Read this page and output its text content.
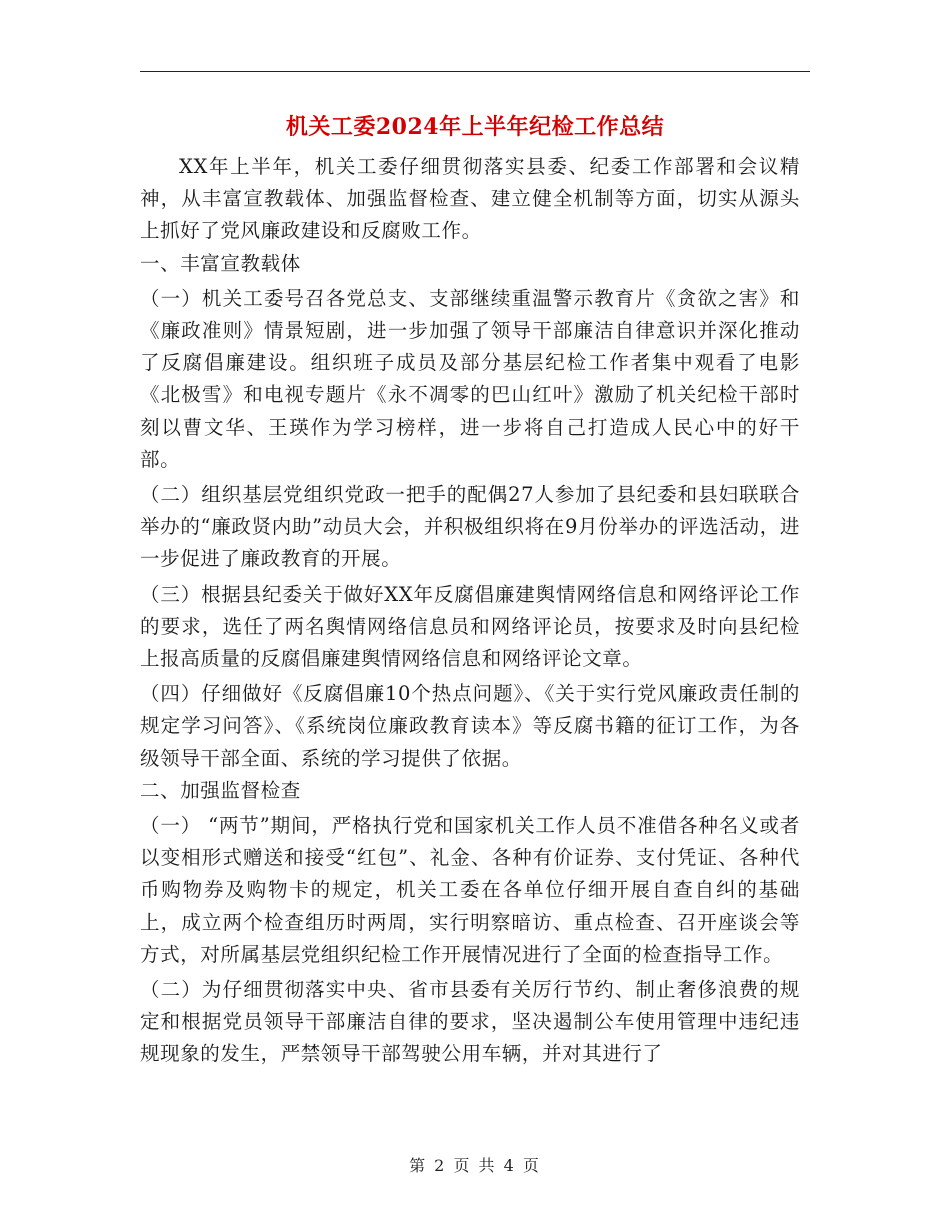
机关工委2024年上半年纪检工作总结

XX年上半年，机关工委仔细贯彻落实县委、纪委工作部署和会议精神，从丰富宣教载体、加强监督检查、建立健全机制等方面，切实从源头上抓好了党风廉政建设和反腐败工作。

一、丰富宣教载体

（一）机关工委号召各党总支、支部继续重温警示教育片《贪欲之害》和《廉政准则》情景短剧，进一步加强了领导干部廉洁自律意识并深化推动了反腐倡廉建设。组织班子成员及部分基层纪检工作者集中观看了电影《北极雪》和电视专题片《永不凋零的巴山红叶》激励了机关纪检干部时刻以曹文华、王瑛作为学习榜样，进一步将自己打造成人民心中的好干部。

（二）组织基层党组织党政一把手的配偶27人参加了县纪委和县妇联联合举办的“廉政贤内助”动员大会，并积极组织将在9月份举办的评选活动，进一步促进了廉政教育的开展。

（三）根据县纪委关于做好XX年反腐倡廉建舆情网络信息和网络评论工作的要求，选任了两名舆情网络信息员和网络评论员，按要求及时向县纪检上报高质量的反腐倡廉建舆情网络信息和网络评论文章。

（四）仔细做好《反腐倡廉10个热点问题》、《关于实行党风廉政责任制的规定学习问答》、《系统岗位廉政教育读本》等反腐书籍的征订工作，为各级领导干部全面、系统的学习提供了依据。

二、加强监督检查

（一） “两节”期间，严格执行党和国家机关工作人员不准借各种名义或者以变相形式赠送和接受“红包”、礼金、各种有价证券、支付凭证、各种代币购物券及购物卡的规定，机关工委在各单位仔细开展自查自纠的基础上，成立两个检查组历时两周，实行明察暗访、重点检查、召开座谈会等方式，对所属基层党组织纪检工作开展情况进行了全面的检查指导工作。

（二）为仔细贯彻落实中央、省市县委有关厉行节约、制止奢侈浪费的规定和根据党员领导干部廉洁自律的要求，坚决遏制公车使用管理中违纪违规现象的发生，严禁领导干部驾驶公用车辆，并对其进行了

第 2 页 共 4 页
